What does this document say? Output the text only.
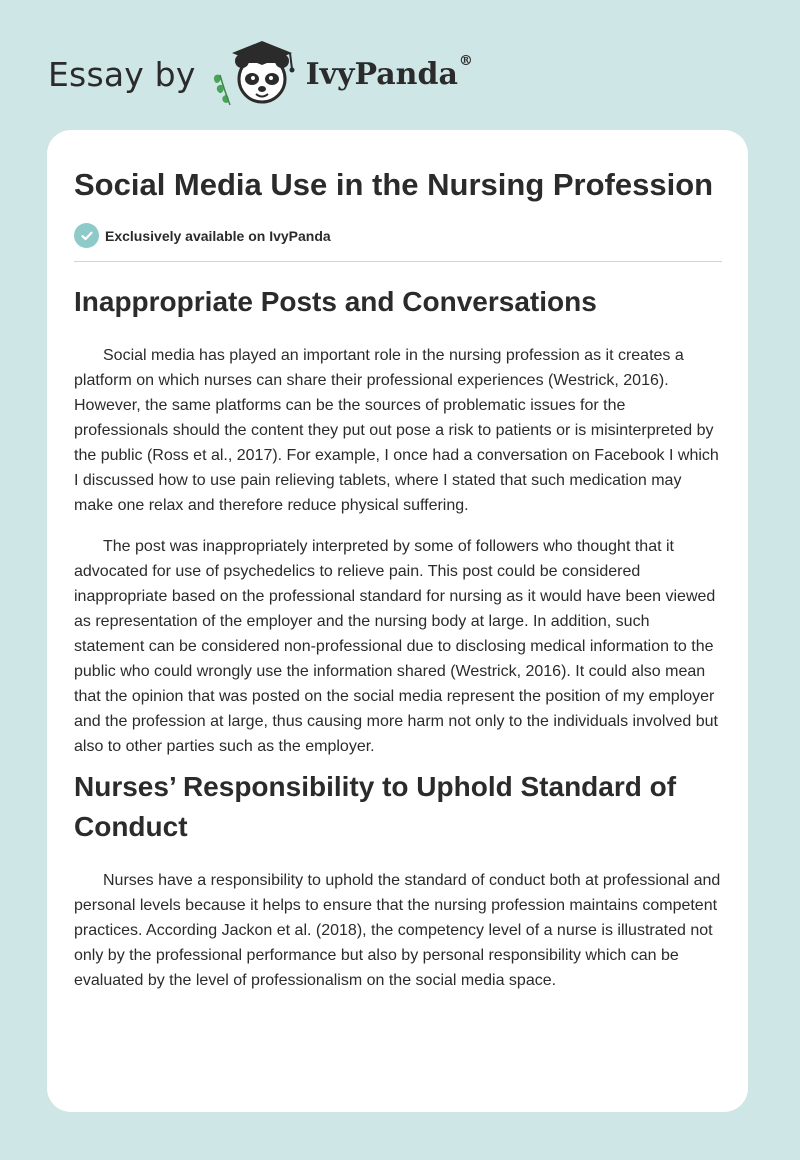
Essay by	IvyPanda®
Social Media Use in the Nursing Profession
Exclusively available on IvyPanda
Inappropriate Posts and Conversations

Social media has played an important role in the nursing profession as it creates a platform on which nurses can share their professional experiences (Westrick, 2016). However, the same platforms can be the sources of problematic issues for the professionals should the content they put out pose a risk to patients or is misinterpreted by the public (Ross et al., 2017). For example, I once had a conversation on Facebook I which I discussed how to use pain relieving tablets, where I stated that such medication may make one relax and therefore reduce physical suffering.

The post was inappropriately interpreted by some of followers who thought that it advocated for use of psychedelics to relieve pain. This post could be considered inappropriate based on the professional standard for nursing as it would have been viewed as representation of the employer and the nursing body at large. In addition, such statement can be considered non-professional due to disclosing medical information to the public who could wrongly use the information shared (Westrick, 2016). It could also mean that the opinion that was posted on the social media represent the position of my employer and the profession at large, thus causing more harm not only to the individuals involved but also to other parties such as the employer.

Nurses’ Responsibility to Uphold Standard of Conduct

Nurses have a responsibility to uphold the standard of conduct both at professional and personal levels because it helps to ensure that the nursing profession maintains competent practices. According Jackon et al. (2018), the competency level of a nurse is illustrated not only by the professional performance but also by personal responsibility which can be evaluated by the level of professionalism on the social media space.
